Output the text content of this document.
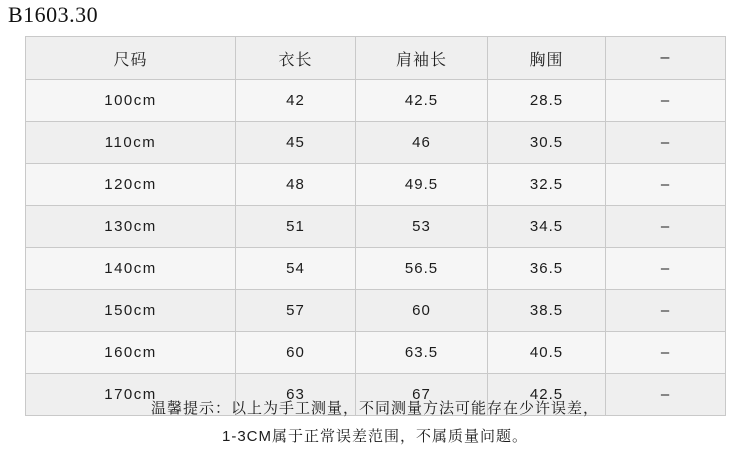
B1603.30
尺码	衣长	肩袖长	胸围	–
100cm	42	42.5	28.5	–
110cm	45	46	30.5	–
120cm	48	49.5	32.5	–
130cm	51	53	34.5	–
140cm	54	56.5	36.5	–
150cm	57	60	38.5	–
160cm	60	63.5	40.5	–
170cm	63	67	42.5	–
温馨提示：以上为手工测量，不同测量方法可能存在少许误差，
1-3CM属于正常误差范围，不属质量问题。
